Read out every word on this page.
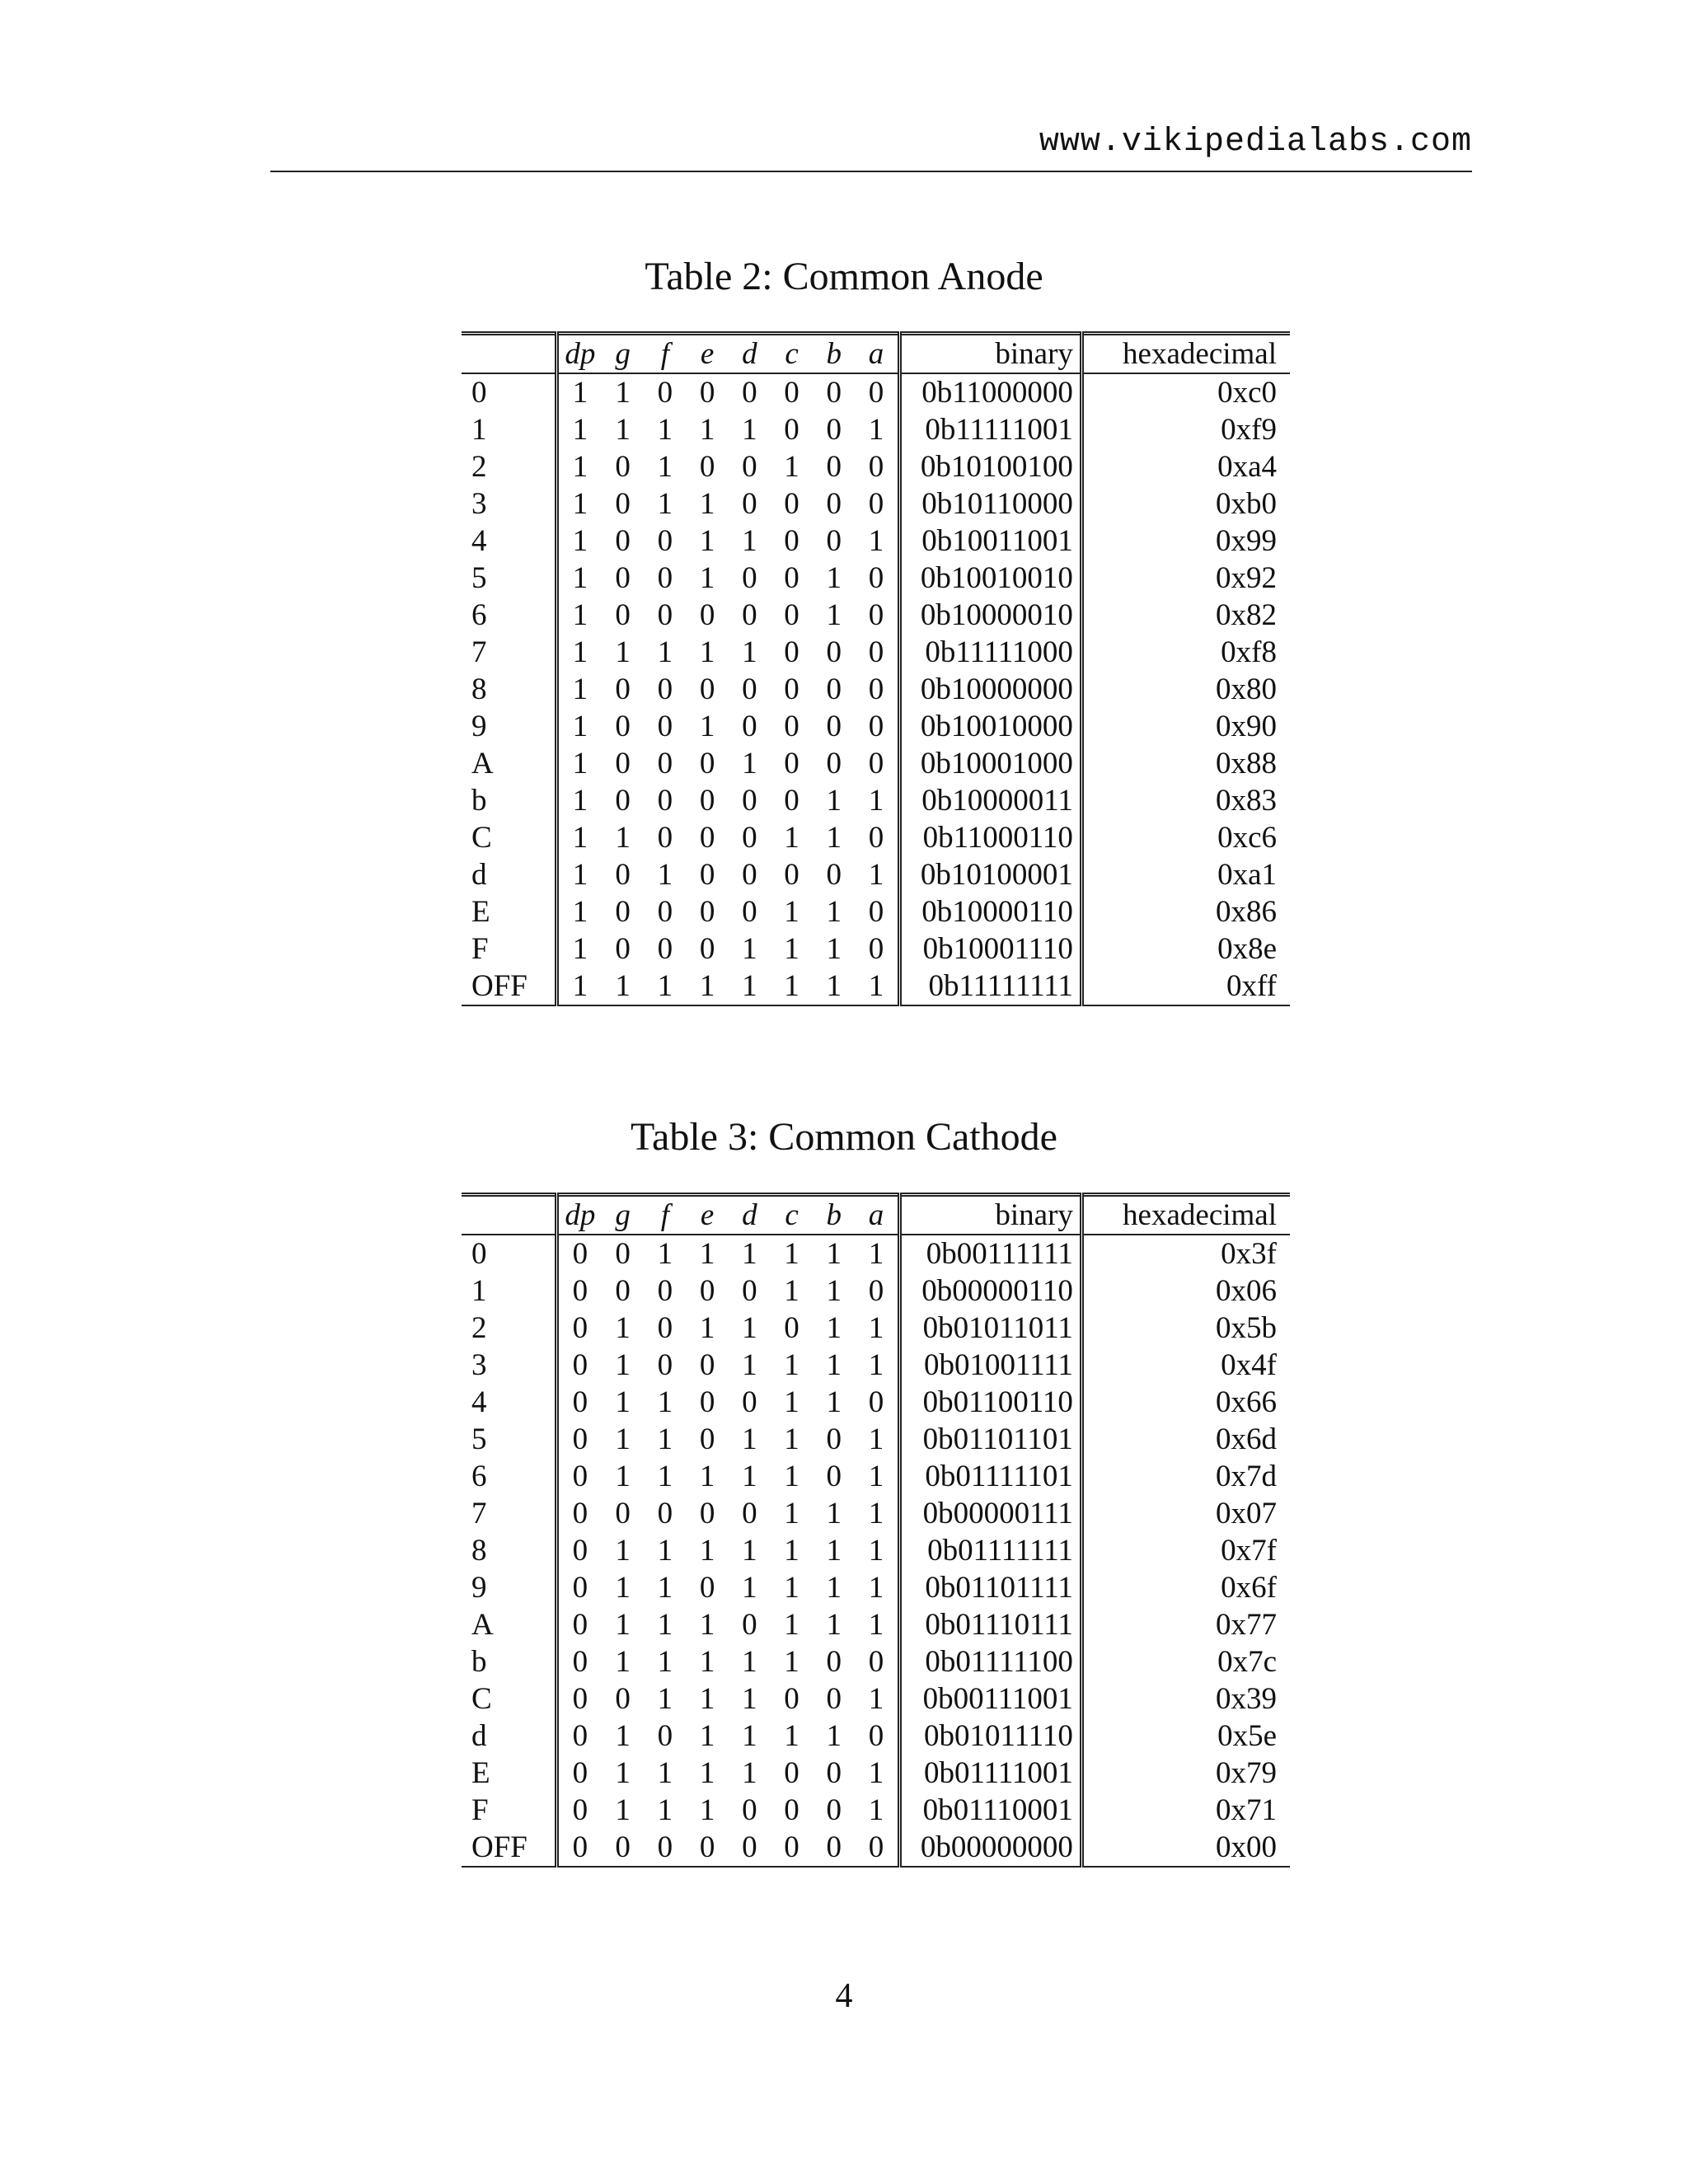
www.vikipedialabs.com
Table 2: Common Anode
	dp	g	f	e	d	c	b	a	binary	hexadecimal
0	1	1	0	0	0	0	0	0	0b11000000	0xc0
1	1	1	1	1	1	0	0	1	0b11111001	0xf9
2	1	0	1	0	0	1	0	0	0b10100100	0xa4
3	1	0	1	1	0	0	0	0	0b10110000	0xb0
4	1	0	0	1	1	0	0	1	0b10011001	0x99
5	1	0	0	1	0	0	1	0	0b10010010	0x92
6	1	0	0	0	0	0	1	0	0b10000010	0x82
7	1	1	1	1	1	0	0	0	0b11111000	0xf8
8	1	0	0	0	0	0	0	0	0b10000000	0x80
9	1	0	0	1	0	0	0	0	0b10010000	0x90
A	1	0	0	0	1	0	0	0	0b10001000	0x88
b	1	0	0	0	0	0	1	1	0b10000011	0x83
C	1	1	0	0	0	1	1	0	0b11000110	0xc6
d	1	0	1	0	0	0	0	1	0b10100001	0xa1
E	1	0	0	0	0	1	1	0	0b10000110	0x86
F	1	0	0	0	1	1	1	0	0b10001110	0x8e
OFF	1	1	1	1	1	1	1	1	0b11111111	0xff
Table 3: Common Cathode
	dp	g	f	e	d	c	b	a	binary	hexadecimal
0	0	0	1	1	1	1	1	1	0b00111111	0x3f
1	0	0	0	0	0	1	1	0	0b00000110	0x06
2	0	1	0	1	1	0	1	1	0b01011011	0x5b
3	0	1	0	0	1	1	1	1	0b01001111	0x4f
4	0	1	1	0	0	1	1	0	0b01100110	0x66
5	0	1	1	0	1	1	0	1	0b01101101	0x6d
6	0	1	1	1	1	1	0	1	0b01111101	0x7d
7	0	0	0	0	0	1	1	1	0b00000111	0x07
8	0	1	1	1	1	1	1	1	0b01111111	0x7f
9	0	1	1	0	1	1	1	1	0b01101111	0x6f
A	0	1	1	1	0	1	1	1	0b01110111	0x77
b	0	1	1	1	1	1	0	0	0b01111100	0x7c
C	0	0	1	1	1	0	0	1	0b00111001	0x39
d	0	1	0	1	1	1	1	0	0b01011110	0x5e
E	0	1	1	1	1	0	0	1	0b01111001	0x79
F	0	1	1	1	0	0	0	1	0b01110001	0x71
OFF	0	0	0	0	0	0	0	0	0b00000000	0x00
4
